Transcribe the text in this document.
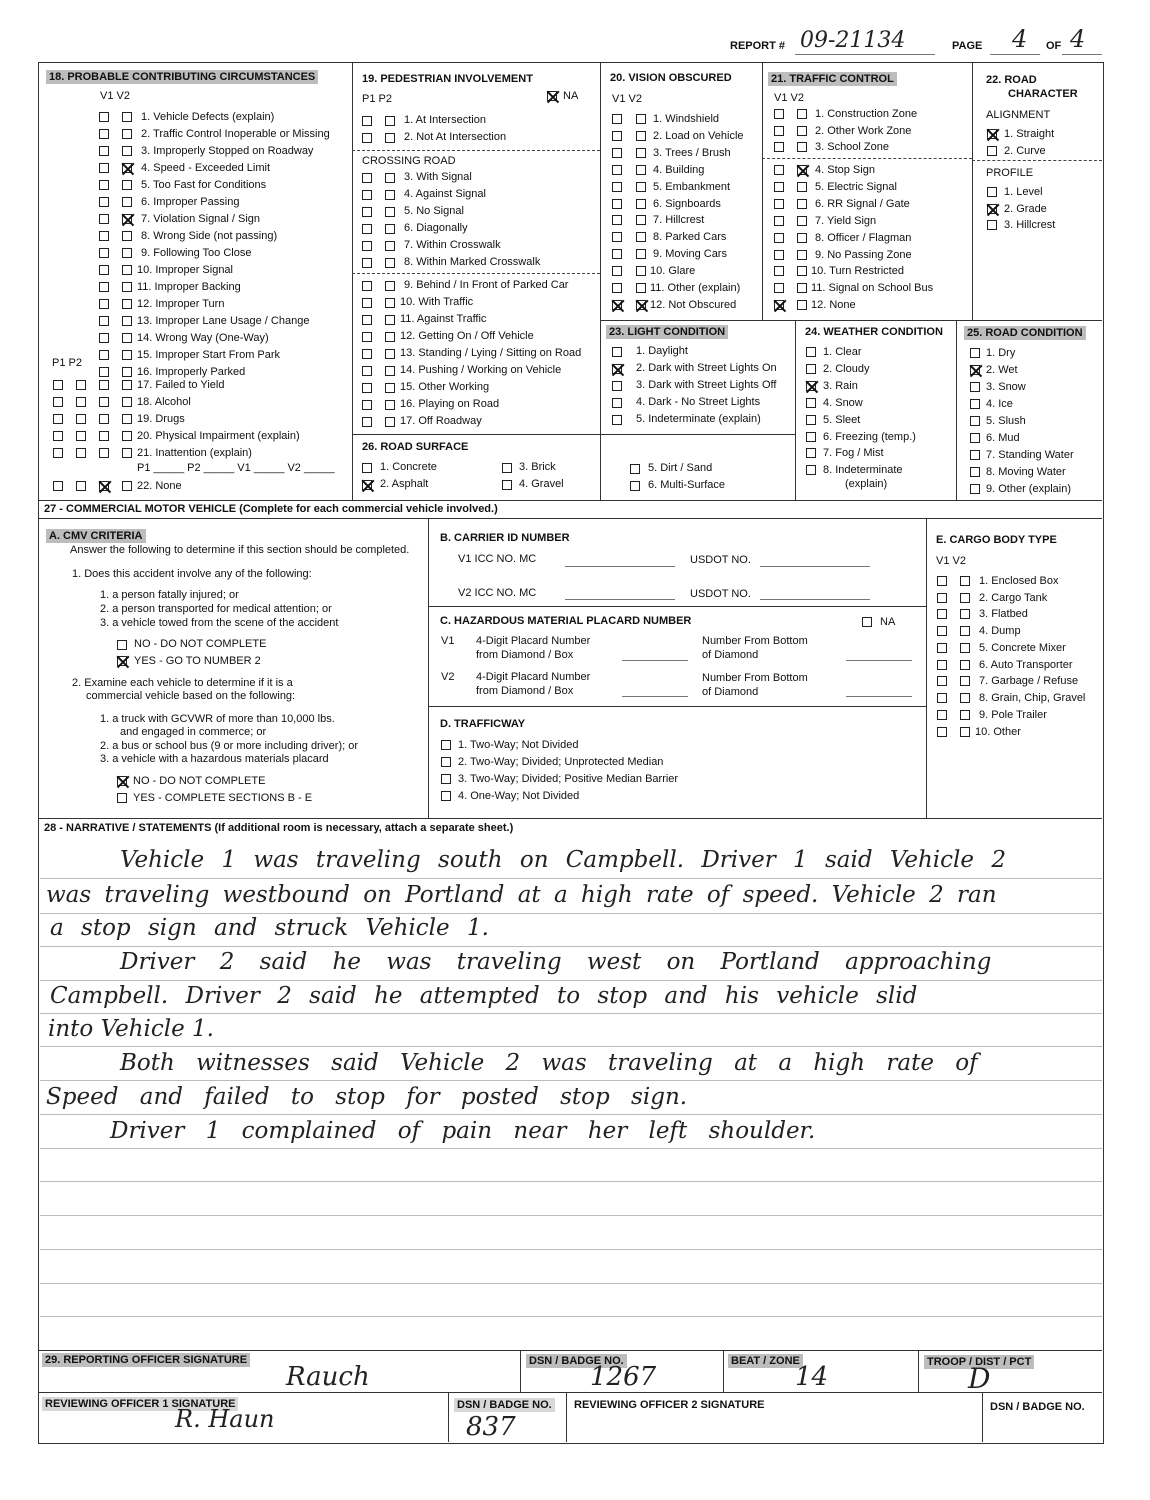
REPORT # 09-21134	PAGE 4 OF 4
18. PROBABLE CONTRIBUTING CIRCUMSTANCES
V1 V2
P1 P2
1. Vehicle Defects (explain)
2. Traffic Control Inoperable or Missing
3. Improperly Stopped on Roadway
4. Speed - Exceeded Limit
5. Too Fast for Conditions
6. Improper Passing
7. Violation Signal / Sign
8. Wrong Side (not passing)
9. Following Too Close
10. Improper Signal
11. Improper Backing
12. Improper Turn
13. Improper Lane Usage / Change
14. Wrong Way (One-Way)
15. Improper Start From Park
16. Improperly Parked
17. Failed to Yield
18. Alcohol
19. Drugs
20. Physical Impairment (explain)
21. Inattention (explain)
P1 _____ P2 _____ V1 _____ V2 _____
22. None
19. PEDESTRIAN INVOLVEMENT
P1 P2	NA
1. At Intersection
2. Not At Intersection
CROSSING ROAD
3. With Signal
4. Against Signal
5. No Signal
6. Diagonally
7. Within Crosswalk
8. Within Marked Crosswalk
9. Behind / In Front of Parked Car
10. With Traffic
11. Against Traffic
12. Getting On / Off Vehicle
13. Standing / Lying / Sitting on Road
14. Pushing / Working on Vehicle
15. Other Working
16. Playing on Road
17. Off Roadway
20. VISION OBSCURED
V1 V2
1. Windshield
2. Load on Vehicle
3. Trees / Brush
4. Building
5. Embankment
6. Signboards
7. Hillcrest
8. Parked Cars
9. Moving Cars
10. Glare
11. Other (explain)
12. Not Obscured
21. TRAFFIC CONTROL
V1 V2
1. Construction Zone
2. Other Work Zone
3. School Zone
4. Stop Sign
5. Electric Signal
6. RR Signal / Gate
7. Yield Sign
8. Officer / Flagman
9. No Passing Zone
10. Turn Restricted
11. Signal on School Bus
12. None
22. ROAD
CHARACTER
ALIGNMENT
1. Straight
2. Curve
PROFILE
1. Level
2. Grade
3. Hillcrest
23. LIGHT CONDITION
1. Daylight
2. Dark with Street Lights On
3. Dark with Street Lights Off
4. Dark - No Street Lights
5. Indeterminate (explain)
24. WEATHER CONDITION
1. Clear
2. Cloudy
3. Rain
4. Snow
5. Sleet
6. Freezing (temp.)
7. Fog / Mist
8. Indeterminate
(explain)
25. ROAD CONDITION
1. Dry
2. Wet
3. Snow
4. Ice
5. Slush
6. Mud
7. Standing Water
8. Moving Water
9. Other (explain)
26. ROAD SURFACE
1. Concrete
2. Asphalt
3. Brick
4. Gravel
5. Dirt / Sand
6. Multi-Surface
27 - COMMERCIAL MOTOR VEHICLE (Complete for each commercial vehicle involved.)
A. CMV CRITERIA
Answer the following to determine if this section should be completed.
1. Does this accident involve any of the following:
1. a person fatally injured; or
2. a person transported for medical attention; or
3. a vehicle towed from the scene of the accident
NO - DO NOT COMPLETE
YES - GO TO NUMBER 2
2. Examine each vehicle to determine if it is a
commercial vehicle based on the following:
1. a truck with GCVWR of more than 10,000 lbs.
and engaged in commerce; or
2. a bus or school bus (9 or more including driver); or
3. a vehicle with a hazardous materials placard
NO - DO NOT COMPLETE
YES - COMPLETE SECTIONS B - E
B. CARRIER ID NUMBER
V1 ICC NO. MC	USDOT NO.
V2 ICC NO. MC	USDOT NO.
C. HAZARDOUS MATERIAL PLACARD NUMBER	NA
V1 4-Digit Placard Number
from Diamond / Box
Number From Bottom
of Diamond
V2 4-Digit Placard Number
from Diamond / Box
Number From Bottom
of Diamond
D. TRAFFICWAY
1. Two-Way; Not Divided
2. Two-Way; Divided; Unprotected Median
3. Two-Way; Divided; Positive Median Barrier
4. One-Way; Not Divided
E. CARGO BODY TYPE
V1 V2
1. Enclosed Box
2. Cargo Tank
3. Flatbed
4. Dump
5. Concrete Mixer
6. Auto Transporter
7. Garbage / Refuse
8. Grain, Chip, Gravel
9. Pole Trailer
10. Other
28 - NARRATIVE / STATEMENTS (If additional room is necessary, attach a separate sheet.)
Vehicle 1 was traveling south on Campbell. Driver 1 said Vehicle 2
was traveling westbound on Portland at a high rate of speed. Vehicle 2 ran
a stop sign and struck Vehicle 1.
Driver 2 said he was traveling west on Portland approaching
Campbell. Driver 2 said he attempted to stop and his vehicle slid
into Vehicle 1.
Both witnesses said Vehicle 2 was traveling at a high rate of
Speed and failed to stop for posted stop sign.
Driver 1 complained of pain near her left shoulder.
29. REPORTING OFFICER SIGNATURE
Rauch
DSN / BADGE NO.
1267
BEAT / ZONE
14	TROOP / DIST / PCT
D
REVIEWING OFFICER 1 SIGNATURE
R. Haun	DSN / BADGE NO.
837
REVIEWING OFFICER 2 SIGNATURE	DSN / BADGE NO.
